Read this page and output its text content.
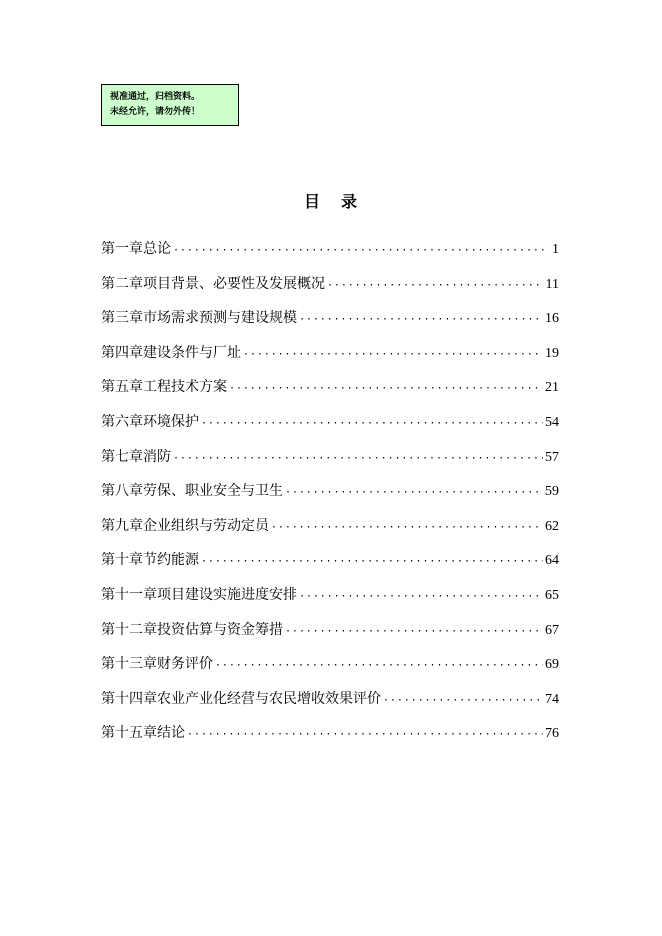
视准通过，归档资料。
未经允许，请勿外传！
目 录
第一章总论 ·····	1
第二章项目背景、必要性及发展概况 ·····	11
第三章市场需求预测与建设规模 ·····	16
第四章建设条件与厂址 ·····	19
第五章工程技术方案 ·····	21
第六章环境保护 ·····	54
第七章消防 ·····	57
第八章劳保、职业安全与卫生 ·····	59
第九章企业组织与劳动定员 ·····	62
第十章节约能源 ·····	64
第十一章项目建设实施进度安排 ·····	65
第十二章投资估算与资金筹措 ·····	67
第十三章财务评价 ·····	69
第十四章农业产业化经营与农民增收效果评价 ·····	74
第十五章结论 ·····	76
